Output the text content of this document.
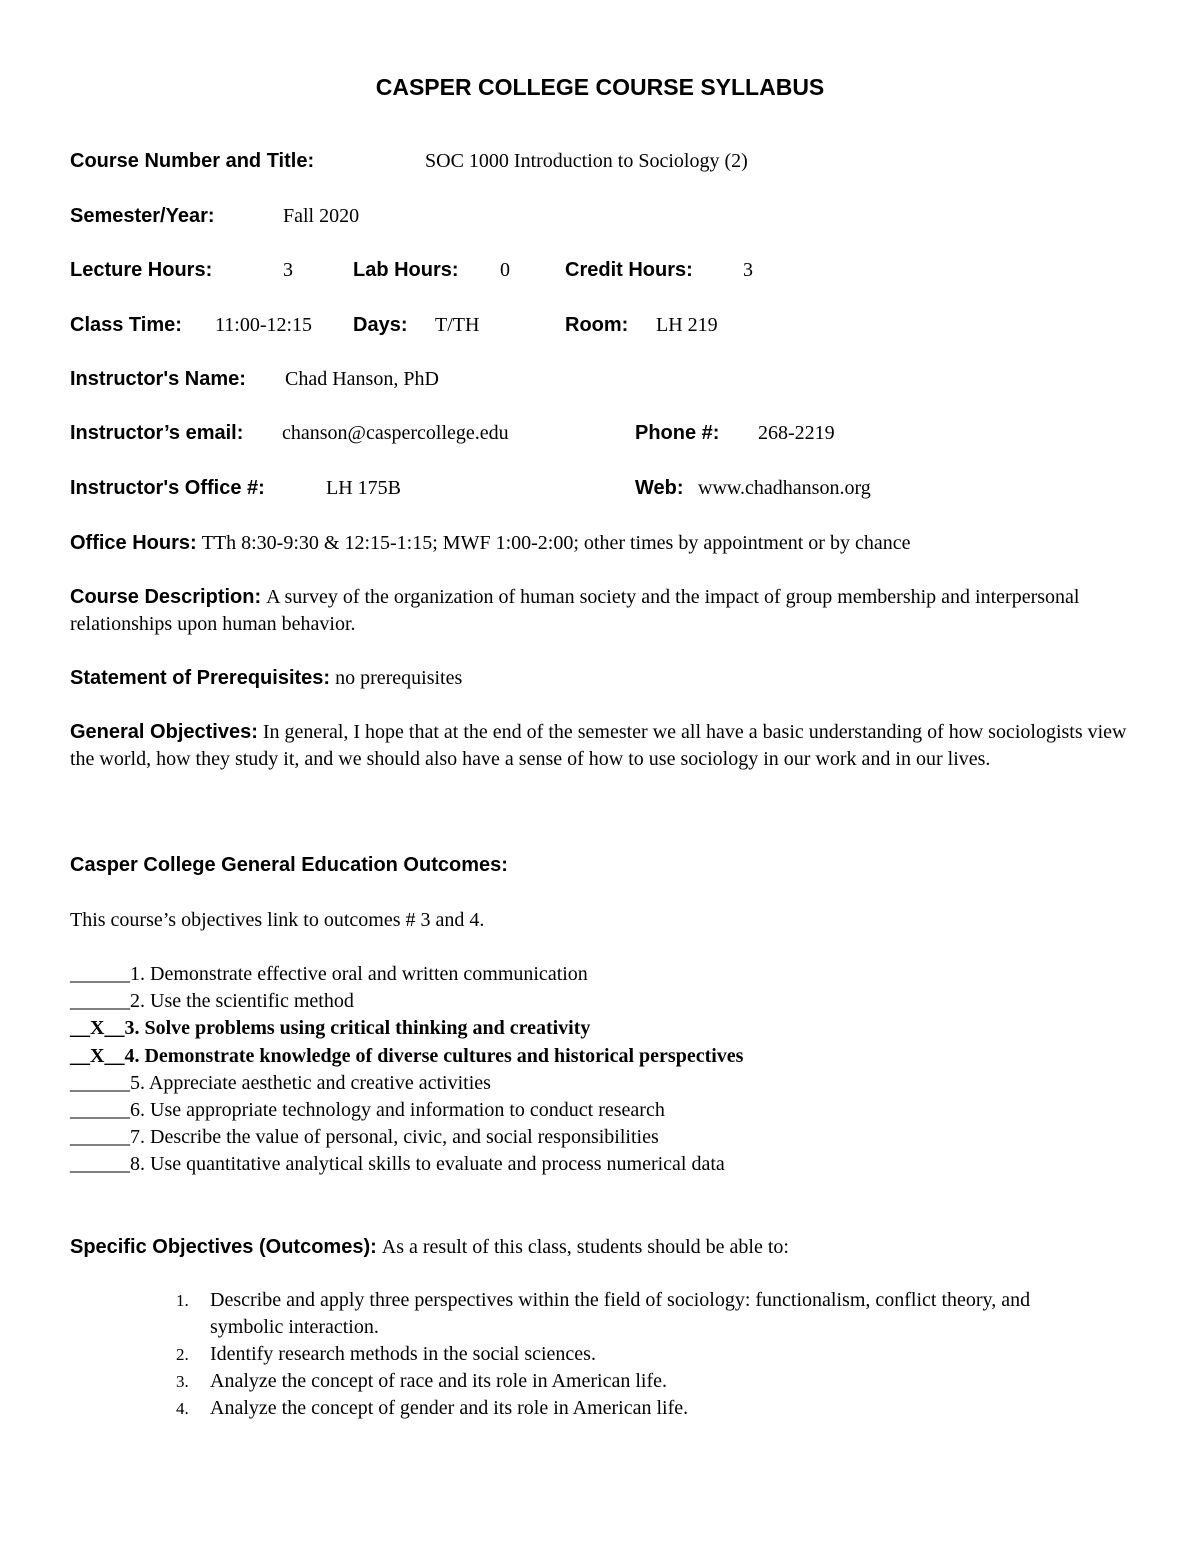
CASPER COLLEGE COURSE SYLLABUS
Course Number and Title:	SOC 1000 Introduction to Sociology (2)
Semester/Year:	Fall 2020
Lecture Hours:	3	Lab Hours: 0	Credit Hours:	3
Class Time: 11:00-12:15 Days: T/TH	Room: LH 219
Instructor's Name: Chad Hanson, PhD
Instructor’s email: chanson@caspercollege.edu	Phone #: 268-2219
Instructor's Office #:	LH 175B	Web: www.chadhanson.org
Office Hours: TTh 8:30-9:30 & 12:15-1:15; MWF 1:00-2:00; other times by appointment or by chance
Course Description: A survey of the organization of human society and the impact of group membership and interpersonal relationships upon human behavior.
Statement of Prerequisites: no prerequisites
General Objectives: In general, I hope that at the end of the semester we all have a basic understanding of how sociologists view the world, how they study it, and we should also have a sense of how to use sociology in our work and in our lives.
Casper College General Education Outcomes:
This course’s objectives link to outcomes # 3 and 4.
______1. Demonstrate effective oral and written communication
______2. Use the scientific method
__X__3. Solve problems using critical thinking and creativity
__X__4. Demonstrate knowledge of diverse cultures and historical perspectives
______5. Appreciate aesthetic and creative activities
______6. Use appropriate technology and information to conduct research
______7. Describe the value of personal, civic, and social responsibilities
______8. Use quantitative analytical skills to evaluate and process numerical data
Specific Objectives (Outcomes): As a result of this class, students should be able to:
1. Describe and apply three perspectives within the field of sociology: functionalism, conflict theory, and symbolic interaction.
2. Identify research methods in the social sciences.
3. Analyze the concept of race and its role in American life.
4. Analyze the concept of gender and its role in American life.
